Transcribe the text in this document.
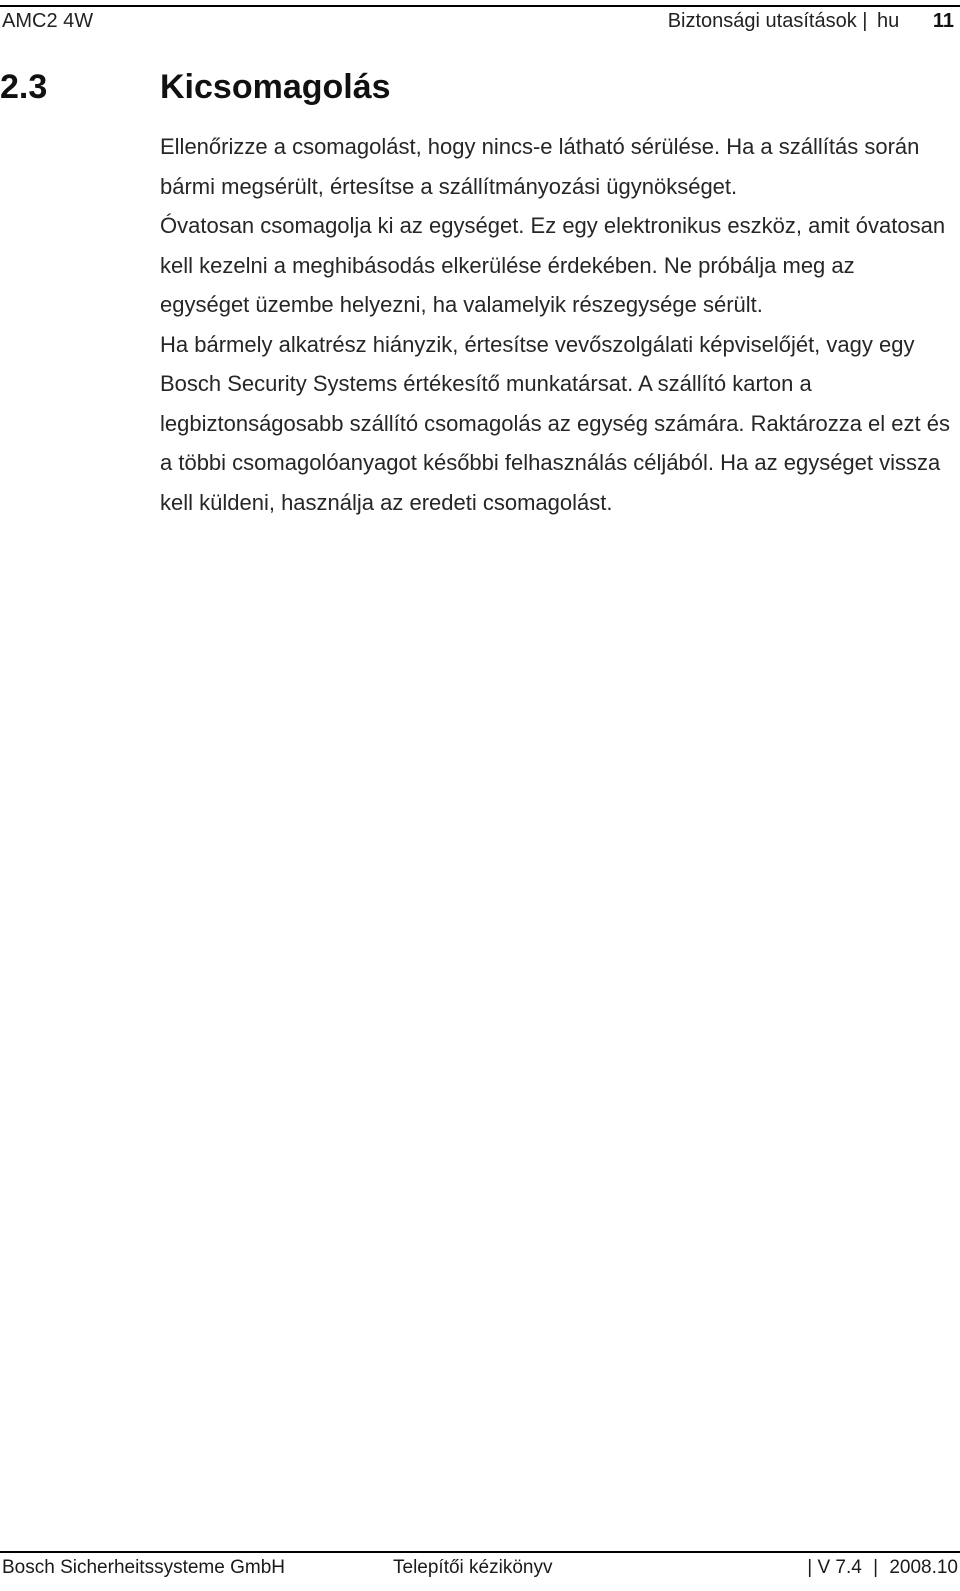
AMC2 4W	Biztonsági utasítások | hu 11
2.3	Kicsomagolás

Ellenőrizze a csomagolást, hogy nincs-e látható sérülése. Ha a szállítás során bármi megsérült, értesítse a szállítmányozási ügynökséget.

Óvatosan csomagolja ki az egységet. Ez egy elektronikus eszköz, amit óvatosan kell kezelni a meghibásodás elkerülése érdekében. Ne próbálja meg az egységet üzembe helyezni, ha valamelyik részegysége sérült.

Ha bármely alkatrész hiányzik, értesítse vevőszolgálati képviselőjét, vagy egy Bosch Security Systems értékesítő munkatársat. A szállító karton a legbiztonságosabb szállító csomagolás az egység számára. Raktározza el ezt és a többi csomagolóanyagot későbbi felhasználás céljából. Ha az egységet vissza kell küldeni, használja az eredeti csomagolást.

Bosch Sicherheitssysteme GmbH	Telepítői kézikönyv	| V 7.4 | 2008.10
